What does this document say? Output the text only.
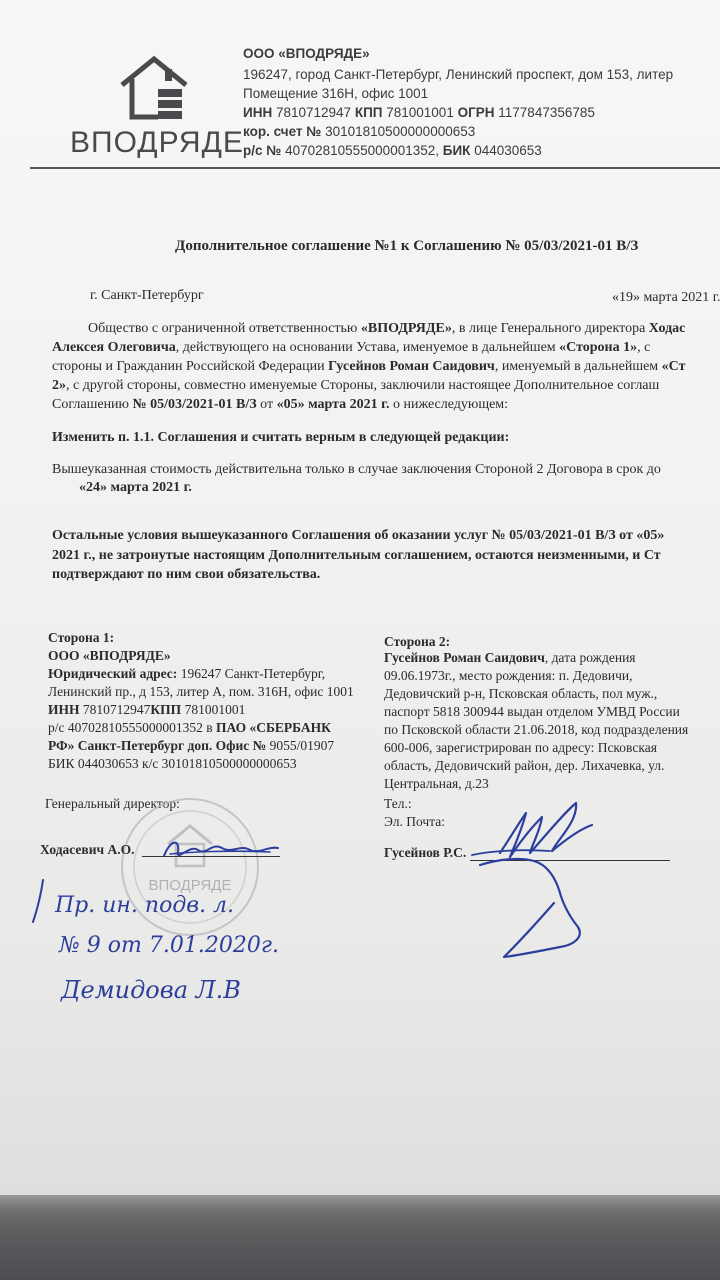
ВПОДРЯДЕ
ООО «ВПОДРЯДЕ»
196247, город Санкт-Петербург, Ленинский проспект, дом 153, литер
Помещение 316Н, офис 1001
ИНН 7810712947 КПП 781001001 ОГРН 1177847356785
кор. счет № 30101810500000000653
р/с № 40702810555000001352, БИК 044030653
Дополнительное соглашение №1 к Соглашению № 05/03/2021-01 В/З
г. Санкт-Петербург	«19» марта 2021 г.
Общество с ограниченной ответственностью «ВПОДРЯДЕ», в лице Генерального директора Ходас
Алексея Олеговича, действующего на основании Устава, именуемое в дальнейшем «Сторона 1», с
стороны и Гражданин Российской Федерации Гусейнов Роман Саидович, именуемый в дальнейшем «Ст
2», с другой стороны, совместно именуемые Стороны, заключили настоящее Дополнительное соглаш
Соглашению № 05/03/2021-01 В/З от «05» марта 2021 г. о нижеследующем:
Изменить п. 1.1. Соглашения и считать верным в следующей редакции:
Вышеуказанная стоимость действительна только в случае заключения Стороной 2 Договора в срок до
«24» марта 2021 г.
Остальные условия вышеуказанного Соглашения об оказании услуг № 05/03/2021-01 В/З от «05»
2021 г., не затронутые настоящим Дополнительным соглашением, остаются неизменными, и Ст
подтверждают по ним свои обязательства.
Сторона 1:
ООО «ВПОДРЯДЕ»
Юридический адрес: 196247 Санкт-Петербург,
Ленинский пр., д 153, литер А, пом. 316Н, офис 1001
ИНН 7810712947КПП 781001001
р/с 40702810555000001352 в ПАО «СБЕРБАНК
РФ» Санкт-Петербург доп. Офис № 9055/01907
БИК 044030653 к/с 30101810500000000653
Генеральный директор:
ВПОДРЯДЕ
Ходасевич А.О.
Пр. ин. подв. л.
№ 9 от 7.01.2020г.
Демидова Л.В
Сторона 2:
Гусейнов Роман Саидович, дата рождения
09.06.1973г., место рождения: п. Дедовичи,
Дедовичский р-н, Псковская область, пол муж.,
паспорт 5818 300944 выдан отделом УМВД России
по Псковской области 21.06.2018, код подразделения
600-006, зарегистрирован по адресу: Псковская
область, Дедовичский район, дер. Лихачевка, ул.
Центральная, д.23
Тел.:
Эл. Почта:
Гусейнов Р.С.
